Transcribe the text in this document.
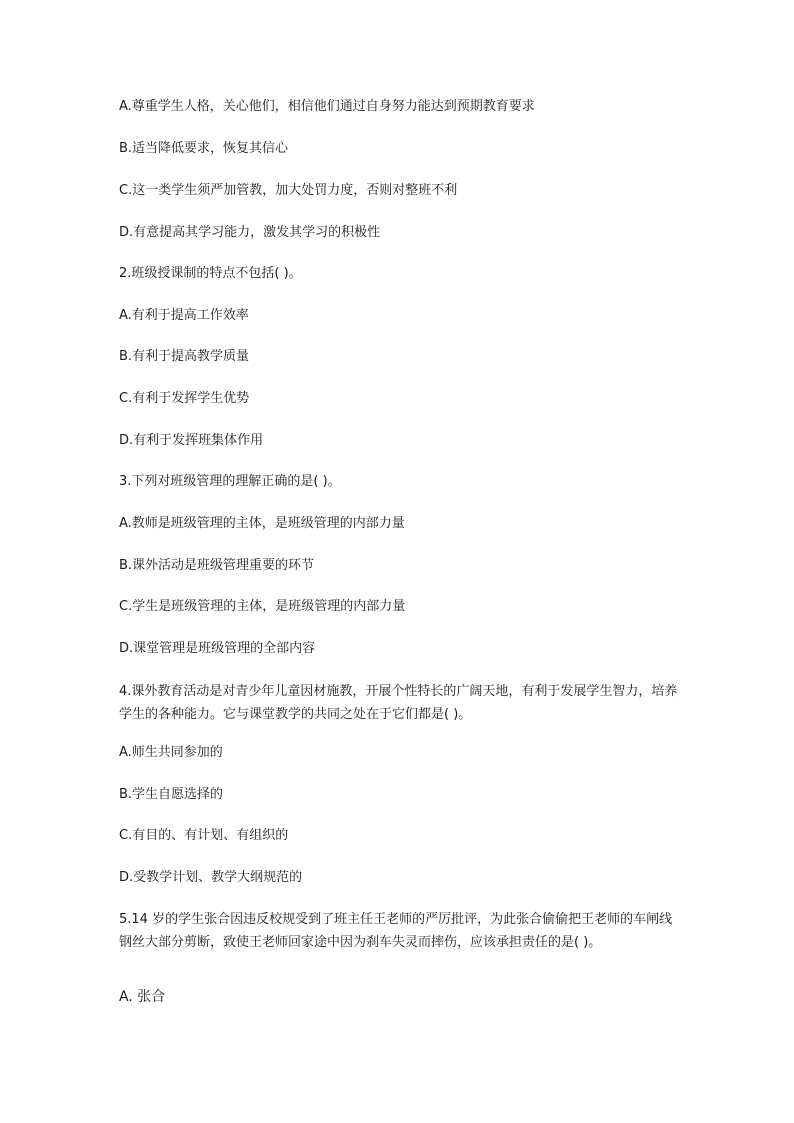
A.尊重学生人格，关心他们，相信他们通过自身努力能达到预期教育要求
B.适当降低要求，恢复其信心
C.这一类学生须严加管教，加大处罚力度，否则对整班不利
D.有意提高其学习能力，激发其学习的积极性
2.班级授课制的特点不包括( )。
A.有利于提高工作效率
B.有利于提高教学质量
C.有利于发挥学生优势
D.有利于发挥班集体作用
3.下列对班级管理的理解正确的是( )。
A.教师是班级管理的主体，是班级管理的内部力量
B.课外活动是班级管理重要的环节
C.学生是班级管理的主体，是班级管理的内部力量
D.课堂管理是班级管理的全部内容
4.课外教育活动是对青少年儿童因材施教，开展个性特长的广阔天地，有利于发展学生智力，培养学生的各种能力。它与课堂教学的共同之处在于它们都是( )。
A.师生共同参加的
B.学生自愿选择的
C.有目的、有计划、有组织的
D.受教学计划、教学大纲规范的
5.14 岁的学生张合因违反校规受到了班主任王老师的严厉批评，为此张合偷偷把王老师的车闸线钢丝大部分剪断，致使王老师回家途中因为刹车失灵而摔伤，应该承担责任的是( )。
A. 张合
